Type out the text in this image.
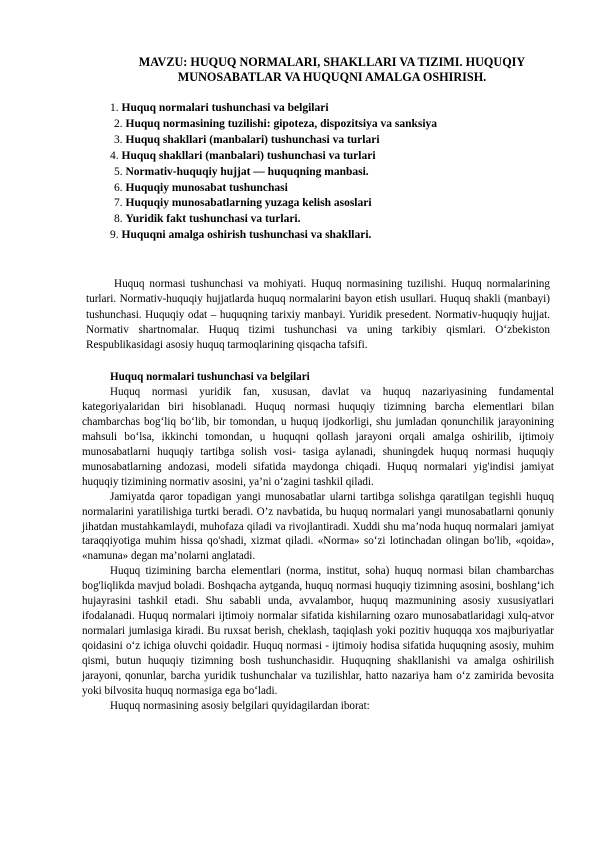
MAVZU: HUQUQ NORMALARI, SHAKLLARI VA TIZIMI. HUQUQIY
MUNOSABATLAR VA HUQUQNI AMALGA OSHIRISH.
1. Huquq normalari tushunchasi va belgilari
2. Huquq normasining tuzilishi: gipoteza, dispozitsiya va sanksiya
3. Huquq shakllari (manbalari) tushunchasi va turlari
4. Huquq shakllari (manbalari) tushunchasi va turlari
5. Normativ-huquqiy hujjat — huquqning manbasi.
6. Huquqiy munosabat tushunchasi
7. Huquqiy munosabatlarning yuzaga kelish asoslari
8. Yuridik fakt tushunchasi va turlari.
9. Huquqni amalga oshirish tushunchasi va shakllari.

Huquq normasi tushunchasi va mohiyati. Huquq normasining tuzilishi. Huquq normalarining turlari. Normativ-huquqiy hujjatlarda huquq normalarini bayon etish usullari. Huquq shakli (manbayi) tushunchasi. Huquqiy odat – huquqning tarixiy manbayi. Yuridik presedent. Normativ-huquqiy hujjat. Normativ shartnomalar. Huquq tizimi tushunchasi va uning tarkibiy qismlari. O‘zbekiston Respublikasidagi asosiy huquq tarmoqlarining qisqacha tafsifi.

Huquq normalari tushunchasi va belgilari

Huquq normasi yuridik fan, xususan, davlat va huquq nazariyasining fundamental kategoriyalaridan biri hisoblanadi. Huquq normasi huquqiy tizimning barcha elementlari bilan chambarchas bog‘liq bo‘lib, bir tomondan, u huquq ijodkorligi, shu jumladan qonunchilik jarayonining mahsuli bo‘lsa, ikkinchi tomondan, u huquqni qollash jarayoni orqali amalga oshirilib, ijtimoiy munosabatlarni huquqiy tartibga solish vosi- tasiga aylanadi, shuningdek huquq normasi huquqiy munosabatlarning andozasi, modeli sifatida maydonga chiqadi. Huquq normalari yig'indisi jamiyat huquqiy tizimining normativ asosini, ya’ni o‘zagini tashkil qiladi.

Jamiyatda qaror topadigan yangi munosabatlar ularni tartibga solishga qaratilgan tegishli huquq normalarini yaratilishiga turtki beradi. O’z navbatida, bu huquq normalari yangi munosabatlarni qonuniy jihatdan mustahkamlaydi, muhofaza qiladi va rivojlantiradi. Xuddi shu ma’noda huquq normalari jamiyat taraqqiyotiga muhim hissa qo'shadi, xizmat qiladi. «Norma» so‘zi lotinchadan olingan bo'lib, «qoida», «namuna» degan ma’nolarni anglatadi.

Huquq tizimining barcha elementlari (norma, institut, soha) huquq normasi bilan chambarchas bog'liqlikda mavjud boladi. Boshqacha aytganda, huquq normasi huquqiy tizimning asosini, boshlang‘ich hujayrasini tashkil etadi. Shu sababli unda, avvalambor, huquq mazmunining asosiy xususiyatlari ifodalanadi. Huquq normalari ijtimoiy normalar sifatida kishilarning ozaro munosabatlaridagi xulq-atvor normalari jumlasiga kiradi. Bu ruxsat berish, cheklash, taqiqlash yoki pozitiv huquqqa xos majburiyatlar qoidasini o‘z ichiga oluvchi qoidadir. Huquq normasi - ijtimoiy hodisa sifatida huquqning asosiy, muhim qismi, butun huquqiy tizimning bosh tushunchasidir. Huquqning shakllanishi va amalga oshirilish jarayoni, qonunlar, barcha yuridik tushunchalar va tuzilishlar, hatto nazariya ham o‘z zamirida bevosita yoki bilvosita huquq normasiga ega bo‘ladi.

Huquq normasining asosiy belgilari quyidagilardan iborat:
